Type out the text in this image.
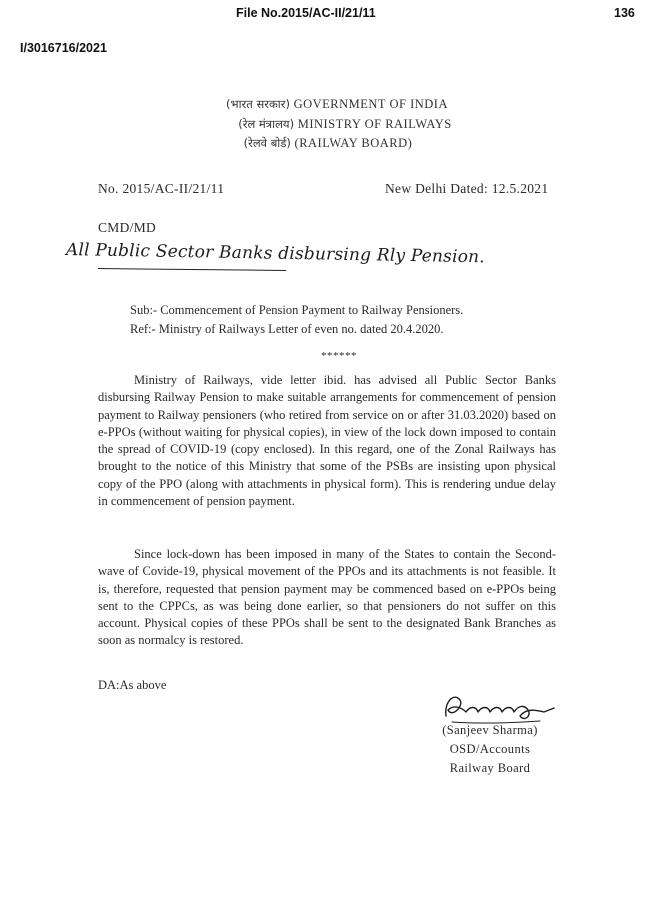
File No.2015/AC-II/21/11	136
I/3016716/2021
(भारत सरकार) GOVERNMENT OF INDIA
(रेल मंत्रालय) MINISTRY OF RAILWAYS
(रेलवे बोर्ड) (RAILWAY BOARD)
No. 2015/AC-II/21/11	New Delhi Dated: 12.5.2021
CMD/MD
All Public Sector Banks disbursing Rly Pension.
Sub:- Commencement of Pension Payment to Railway Pensioners.
Ref:- Ministry of Railways Letter of even no. dated 20.4.2020.
******

Ministry of Railways, vide letter ibid. has advised all Public Sector Banks disbursing Railway Pension to make suitable arrangements for commencement of pension payment to Railway pensioners (who retired from service on or after 31.03.2020) based on e-PPOs (without waiting for physical copies), in view of the lock down imposed to contain the spread of COVID-19 (copy enclosed). In this regard, one of the Zonal Railways has brought to the notice of this Ministry that some of the PSBs are insisting upon physical copy of the PPO (along with attachments in physical form). This is rendering undue delay in commencement of pension payment.

Since lock-down has been imposed in many of the States to contain the Second-wave of Covide-19, physical movement of the PPOs and its attachments is not feasible. It is, therefore, requested that pension payment may be commenced based on e-PPOs being sent to the CPPCs, as was being done earlier, so that pensioners do not suffer on this account. Physical copies of these PPOs shall be sent to the designated Bank Branches as soon as normalcy is restored.

DA:As above
(Sanjeev Sharma)
OSD/Accounts
Railway Board
